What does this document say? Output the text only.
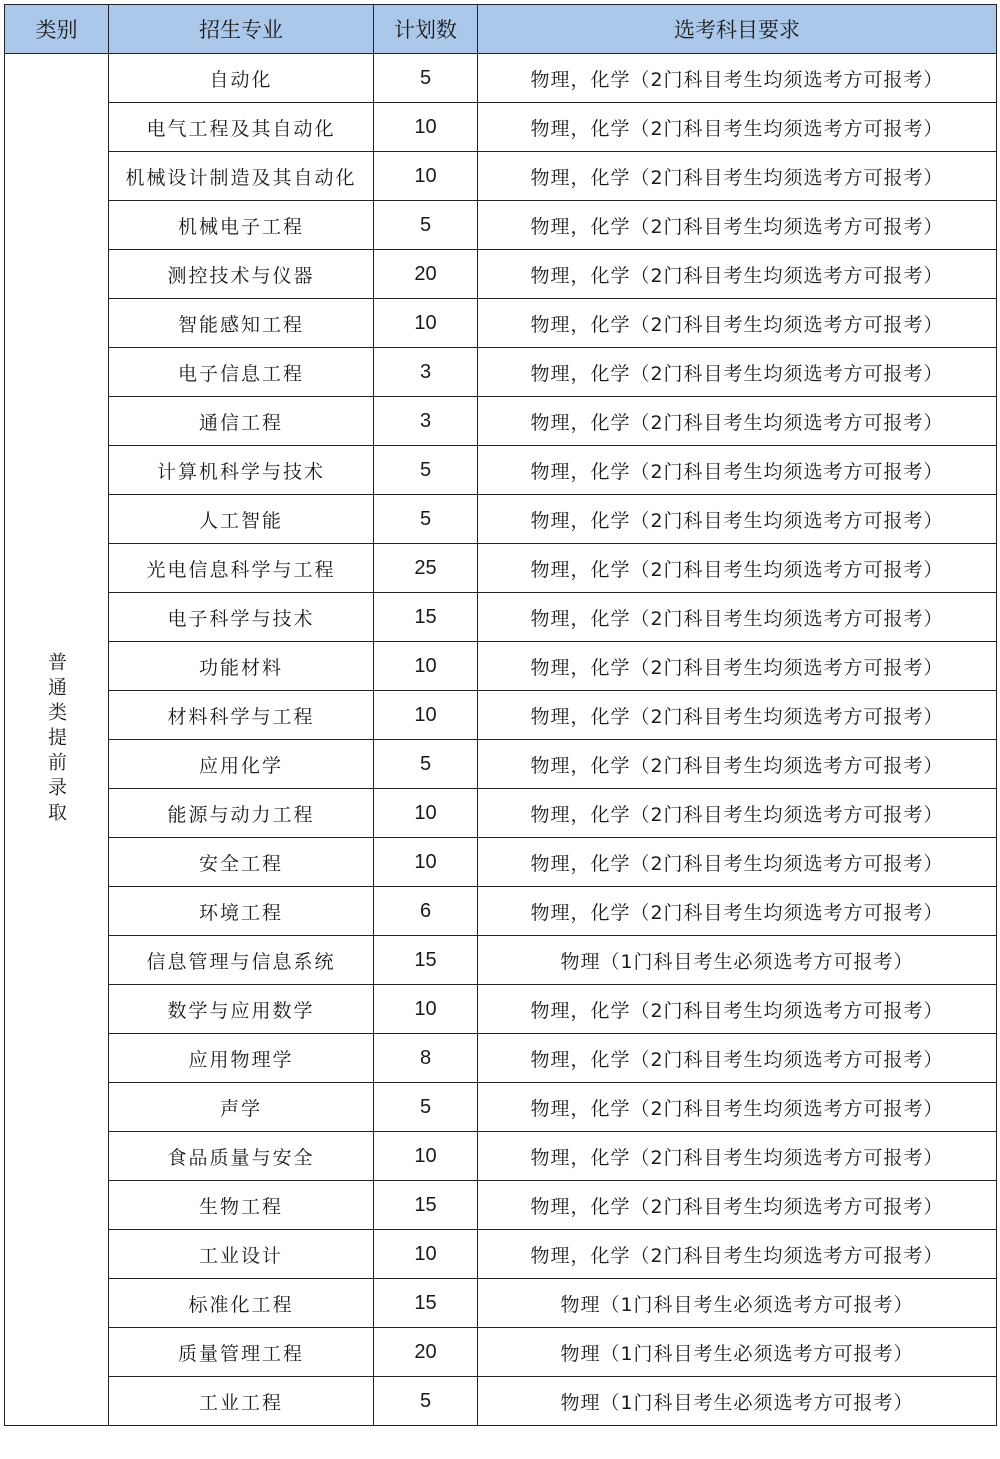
类别	招生专业	计划数	选考科目要求
普通类提前录取	自动化	5	物理，化学（2门科目考生均须选考方可报考）
	电气工程及其自动化	10	物理，化学（2门科目考生均须选考方可报考）
	机械设计制造及其自动化	10	物理，化学（2门科目考生均须选考方可报考）
	机械电子工程	5	物理，化学（2门科目考生均须选考方可报考）
	测控技术与仪器	20	物理，化学（2门科目考生均须选考方可报考）
	智能感知工程	10	物理，化学（2门科目考生均须选考方可报考）
	电子信息工程	3	物理，化学（2门科目考生均须选考方可报考）
	通信工程	3	物理，化学（2门科目考生均须选考方可报考）
	计算机科学与技术	5	物理，化学（2门科目考生均须选考方可报考）
	人工智能	5	物理，化学（2门科目考生均须选考方可报考）
	光电信息科学与工程	25	物理，化学（2门科目考生均须选考方可报考）
	电子科学与技术	15	物理，化学（2门科目考生均须选考方可报考）
	功能材料	10	物理，化学（2门科目考生均须选考方可报考）
	材料科学与工程	10	物理，化学（2门科目考生均须选考方可报考）
	应用化学	5	物理，化学（2门科目考生均须选考方可报考）
	能源与动力工程	10	物理，化学（2门科目考生均须选考方可报考）
	安全工程	10	物理，化学（2门科目考生均须选考方可报考）
	环境工程	6	物理，化学（2门科目考生均须选考方可报考）
	信息管理与信息系统	15	物理（1门科目考生必须选考方可报考）
	数学与应用数学	10	物理，化学（2门科目考生均须选考方可报考）
	应用物理学	8	物理，化学（2门科目考生均须选考方可报考）
	声学	5	物理，化学（2门科目考生均须选考方可报考）
	食品质量与安全	10	物理，化学（2门科目考生均须选考方可报考）
	生物工程	15	物理，化学（2门科目考生均须选考方可报考）
	工业设计	10	物理，化学（2门科目考生均须选考方可报考）
	标准化工程	15	物理（1门科目考生必须选考方可报考）
	质量管理工程	20	物理（1门科目考生必须选考方可报考）
	工业工程	5	物理（1门科目考生必须选考方可报考）
